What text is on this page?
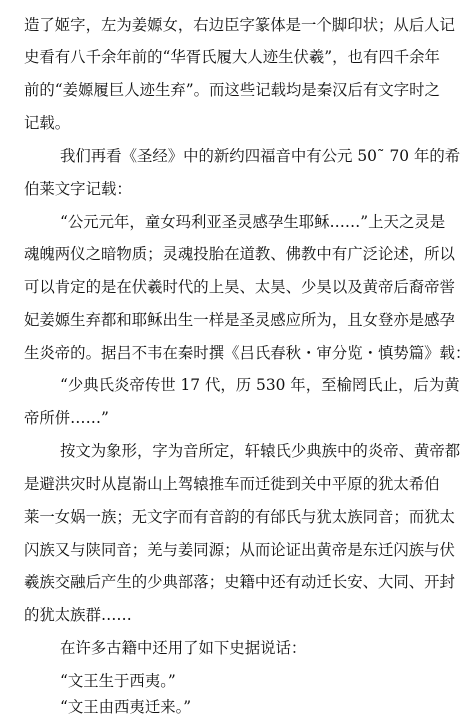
造了姬字，左为姜嫄女，右边臣字篆体是一个脚印状；从后人记
史看有八千余年前的“华胥氏履大人迹生伏羲”，也有四千余年
前的“姜嫄履巨人迹生弃”。而这些记载均是秦汉后有文字时之
记载。
我们再看《圣经》中的新约四福音中有公元 50˜ 70 年的希
伯莱文字记载：
“公元元年，童女玛利亚圣灵感孕生耶稣……”上天之灵是
魂魄两仪之暗物质；灵魂投胎在道教、佛教中有广泛论述，所以
可以肯定的是在伏羲时代的上昊、太昊、少昊以及黄帝后裔帝喾
妃姜嫄生弃都和耶稣出生一样是圣灵感应所为，且女登亦是感孕
生炎帝的。据吕不韦在秦时撰《吕氏春秋・审分览・慎势篇》载：
“少典氏炎帝传世 17 代，历 530 年，至榆罔氏止，后为黄
帝所併……”
按文为象形，字为音所定，轩辕氏少典族中的炎帝、黄帝都
是避洪灾时从崑嵛山上驾辕推车而迁徙到关中平原的犹太希伯
莱一女娲一族；无文字而有音韵的有邰氏与犹太族同音；而犹太
闪族又与陕同音；羌与姜同源；从而论证出黄帝是东迁闪族与伏
羲族交融后产生的少典部落；史籍中还有动迁长安、大同、开封
的犹太族群……
在许多古籍中还用了如下史据说话：
“文王生于西夷。”
“文王由西夷迁来。”
